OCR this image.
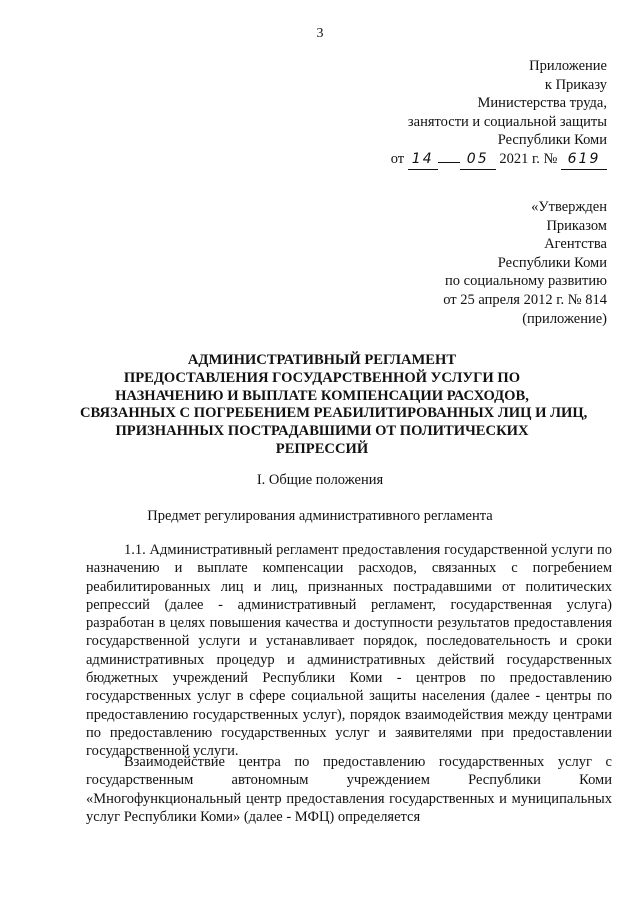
3
Приложение
к Приказу
Министерства труда,
занятости и социальной защиты
Республики Коми
от 14 05 2021 г. № 619
«Утвержден
Приказом
Агентства
Республики Коми
по социальному развитию
от 25 апреля 2012 г. № 814
(приложение)
АДМИНИСТРАТИВНЫЙ РЕГЛАМЕНТ
ПРЕДОСТАВЛЕНИЯ ГОСУДАРСТВЕННОЙ УСЛУГИ ПО
НАЗНАЧЕНИЮ И ВЫПЛАТЕ КОМПЕНСАЦИИ РАСХОДОВ,
СВЯЗАННЫХ С ПОГРЕБЕНИЕМ РЕАБИЛИТИРОВАННЫХ ЛИЦ И ЛИЦ,
ПРИЗНАННЫХ ПОСТРАДАВШИМИ ОТ ПОЛИТИЧЕСКИХ
РЕПРЕССИЙ
I. Общие положения
Предмет регулирования административного регламента

1.1. Административный регламент предоставления государственной услуги по назначению и выплате компенсации расходов, связанных с погребением реабилитированных лиц и лиц, признанных пострадавшими от политических репрессий (далее - административный регламент, государственная услуга) разработан в целях повышения качества и доступности результатов предоставления государственной услуги и устанавливает порядок, последовательность и сроки административных процедур и административных действий государственных бюджетных учреждений Республики Коми - центров по предоставлению государственных услуг в сфере социальной защиты населения (далее - центры по предоставлению государственных услуг), порядок взаимодействия между центрами по предоставлению государственных услуг и заявителями при предоставлении государственной услуги.

Взаимодействие центра по предоставлению государственных услуг с государственным автономным учреждением Республики Коми «Многофункциональный центр предоставления государственных и муниципальных услуг Республики Коми» (далее - МФЦ) определяется
